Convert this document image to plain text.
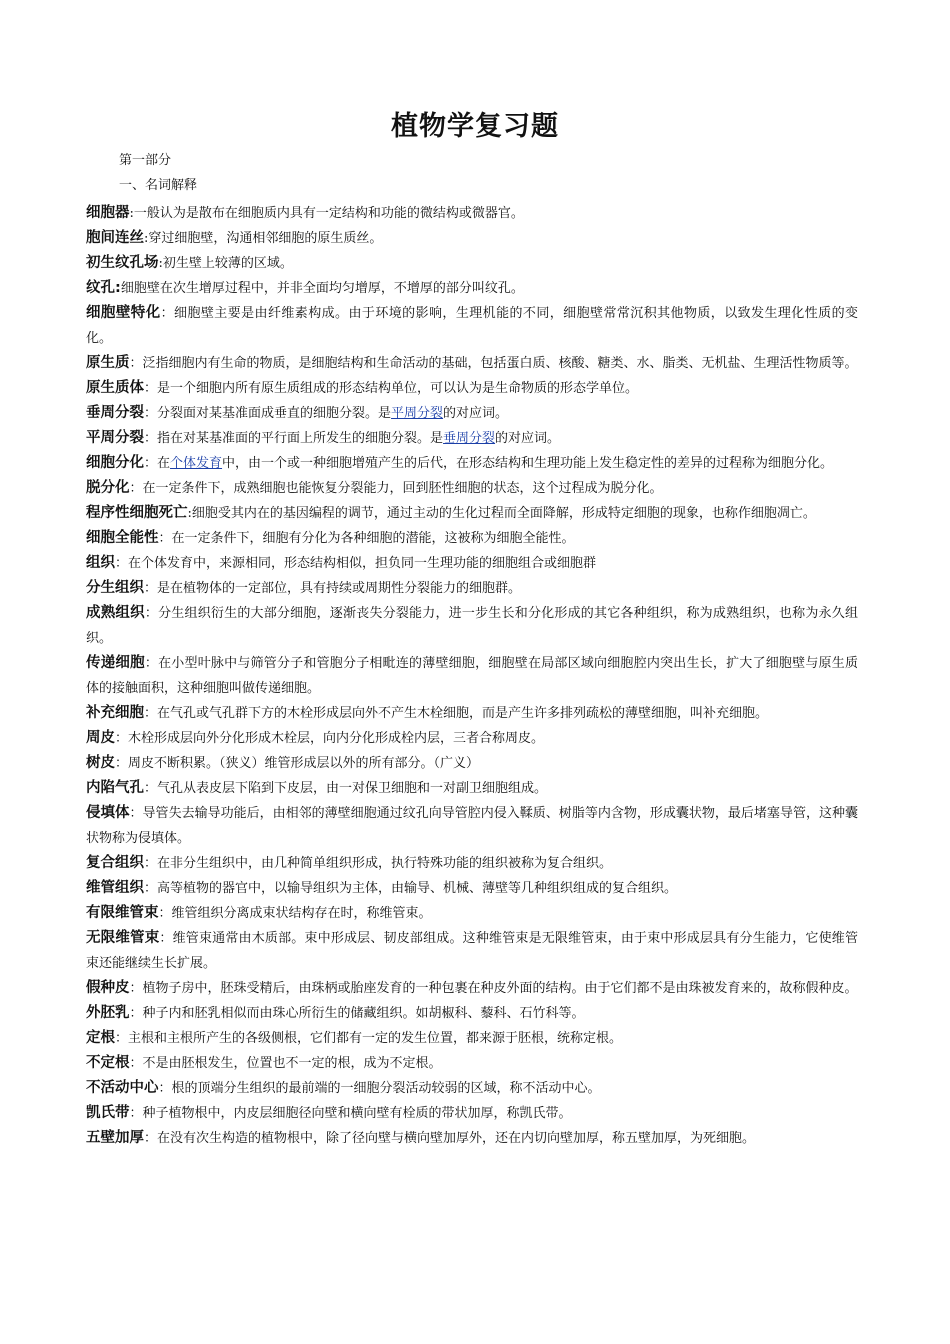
植物学复习题

第一部分

一、名词解释

细胞器:一般认为是散布在细胞质内具有一定结构和功能的微结构或微器官。

胞间连丝:穿过细胞壁，沟通相邻细胞的原生质丝。

初生纹孔场:初生壁上较薄的区域。

纹孔:细胞壁在次生增厚过程中，并非全面均匀增厚，不增厚的部分叫纹孔。

细胞壁特化：细胞壁主要是由纤维素构成。由于环境的影响，生理机能的不同，细胞壁常常沉积其他物质，以致发生理化性质的变化。

原生质：泛指细胞内有生命的物质，是细胞结构和生命活动的基础，包括蛋白质、核酸、糖类、水、脂类、无机盐、生理活性物质等。

原生质体：是一个细胞内所有原生质组成的形态结构单位，可以认为是生命物质的形态学单位。

垂周分裂：分裂面对某基准面成垂直的细胞分裂。是平周分裂的对应词。

平周分裂：指在对某基准面的平行面上所发生的细胞分裂。是垂周分裂的对应词。

细胞分化：在个体发育中，由一个或一种细胞增殖产生的后代，在形态结构和生理功能上发生稳定性的差异的过程称为细胞分化。

脱分化：在一定条件下，成熟细胞也能恢复分裂能力，回到胚性细胞的状态，这个过程成为脱分化。

程序性细胞死亡:细胞受其内在的基因编程的调节，通过主动的生化过程而全面降解，形成特定细胞的现象，也称作细胞凋亡。

细胞全能性：在一定条件下，细胞有分化为各种细胞的潜能，这被称为细胞全能性。

组织：在个体发育中，来源相同，形态结构相似，担负同一生理功能的细胞组合或细胞群

分生组织：是在植物体的一定部位，具有持续或周期性分裂能力的细胞群。

成熟组织：分生组织衍生的大部分细胞，逐渐丧失分裂能力，进一步生长和分化形成的其它各种组织，称为成熟组织，也称为永久组织。

传递细胞：在小型叶脉中与筛管分子和管胞分子相毗连的薄壁细胞，细胞壁在局部区域向细胞腔内突出生长，扩大了细胞壁与原生质体的接触面积，这种细胞叫做传递细胞。

补充细胞：在气孔或气孔群下方的木栓形成层向外不产生木栓细胞，而是产生许多排列疏松的薄壁细胞，叫补充细胞。

周皮：木栓形成层向外分化形成木栓层，向内分化形成栓内层，三者合称周皮。

树皮：周皮不断积累。（狭义）维管形成层以外的所有部分。（广义）

内陷气孔：气孔从表皮层下陷到下皮层，由一对保卫细胞和一对副卫细胞组成。

侵填体：导管失去输导功能后，由相邻的薄壁细胞通过纹孔向导管腔内侵入鞣质、树脂等内含物，形成囊状物，最后堵塞导管，这种囊状物称为侵填体。

复合组织：在非分生组织中，由几种简单组织形成，执行特殊功能的组织被称为复合组织。

维管组织：高等植物的器官中，以输导组织为主体，由输导、机械、薄壁等几种组织组成的复合组织。

有限维管束：维管组织分离成束状结构存在时，称维管束。

无限维管束：维管束通常由木质部。束中形成层、韧皮部组成。这种维管束是无限维管束，由于束中形成层具有分生能力，它使维管束还能继续生长扩展。

假种皮：植物子房中，胚珠受精后，由珠柄或胎座发育的一种包裹在种皮外面的结构。由于它们都不是由珠被发育来的，故称假种皮。

外胚乳：种子内和胚乳相似而由珠心所衍生的储藏组织。如胡椒科、藜科、石竹科等。

定根：主根和主根所产生的各级侧根，它们都有一定的发生位置，都来源于胚根，统称定根。

不定根：不是由胚根发生，位置也不一定的根，成为不定根。

不活动中心：根的顶端分生组织的最前端的一细胞分裂活动较弱的区域，称不活动中心。

凯氏带：种子植物根中，内皮层细胞径向壁和横向壁有栓质的带状加厚，称凯氏带。

五壁加厚：在没有次生构造的植物根中，除了径向壁与横向壁加厚外，还在内切向壁加厚，称五壁加厚，为死细胞。
